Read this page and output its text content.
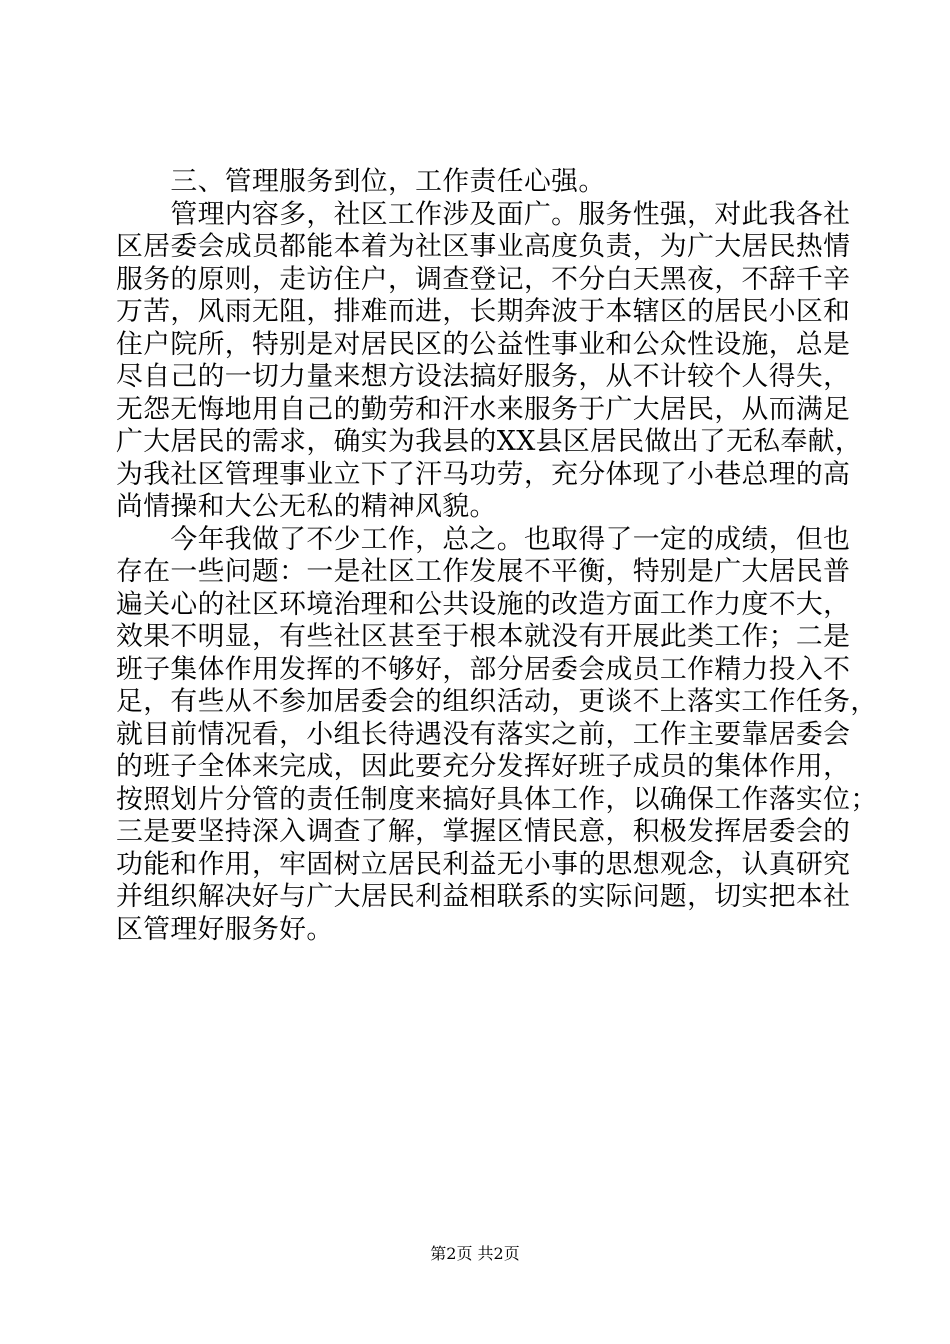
　　三、管理服务到位，工作责任心强。
　　管理内容多，社区工作涉及面广。服务性强，对此我各社
区居委会成员都能本着为社区事业高度负责，为广大居民热情
服务的原则，走访住户，调查登记，不分白天黑夜，不辞千辛
万苦，风雨无阻，排难而进，长期奔波于本辖区的居民小区和
住户院所，特别是对居民区的公益性事业和公众性设施，总是
尽自己的一切力量来想方设法搞好服务，从不计较个人得失，
无怨无悔地用自己的勤劳和汗水来服务于广大居民，从而满足
广大居民的需求，确实为我县的XX县区居民做出了无私奉献，
为我社区管理事业立下了汗马功劳，充分体现了小巷总理的高
尚情操和大公无私的精神风貌。
　　今年我做了不少工作，总之。也取得了一定的成绩，但也
存在一些问题：一是社区工作发展不平衡，特别是广大居民普
遍关心的社区环境治理和公共设施的改造方面工作力度不大，
效果不明显，有些社区甚至于根本就没有开展此类工作；二是
班子集体作用发挥的不够好，部分居委会成员工作精力投入不
足，有些从不参加居委会的组织活动，更谈不上落实工作任务，
就目前情况看，小组长待遇没有落实之前，工作主要靠居委会
的班子全体来完成，因此要充分发挥好班子成员的集体作用，
按照划片分管的责任制度来搞好具体工作，以确保工作落实位；
三是要坚持深入调查了解，掌握区情民意，积极发挥居委会的
功能和作用，牢固树立居民利益无小事的思想观念，认真研究
并组织解决好与广大居民利益相联系的实际问题，切实把本社
区管理好服务好。
第2页 共2页
